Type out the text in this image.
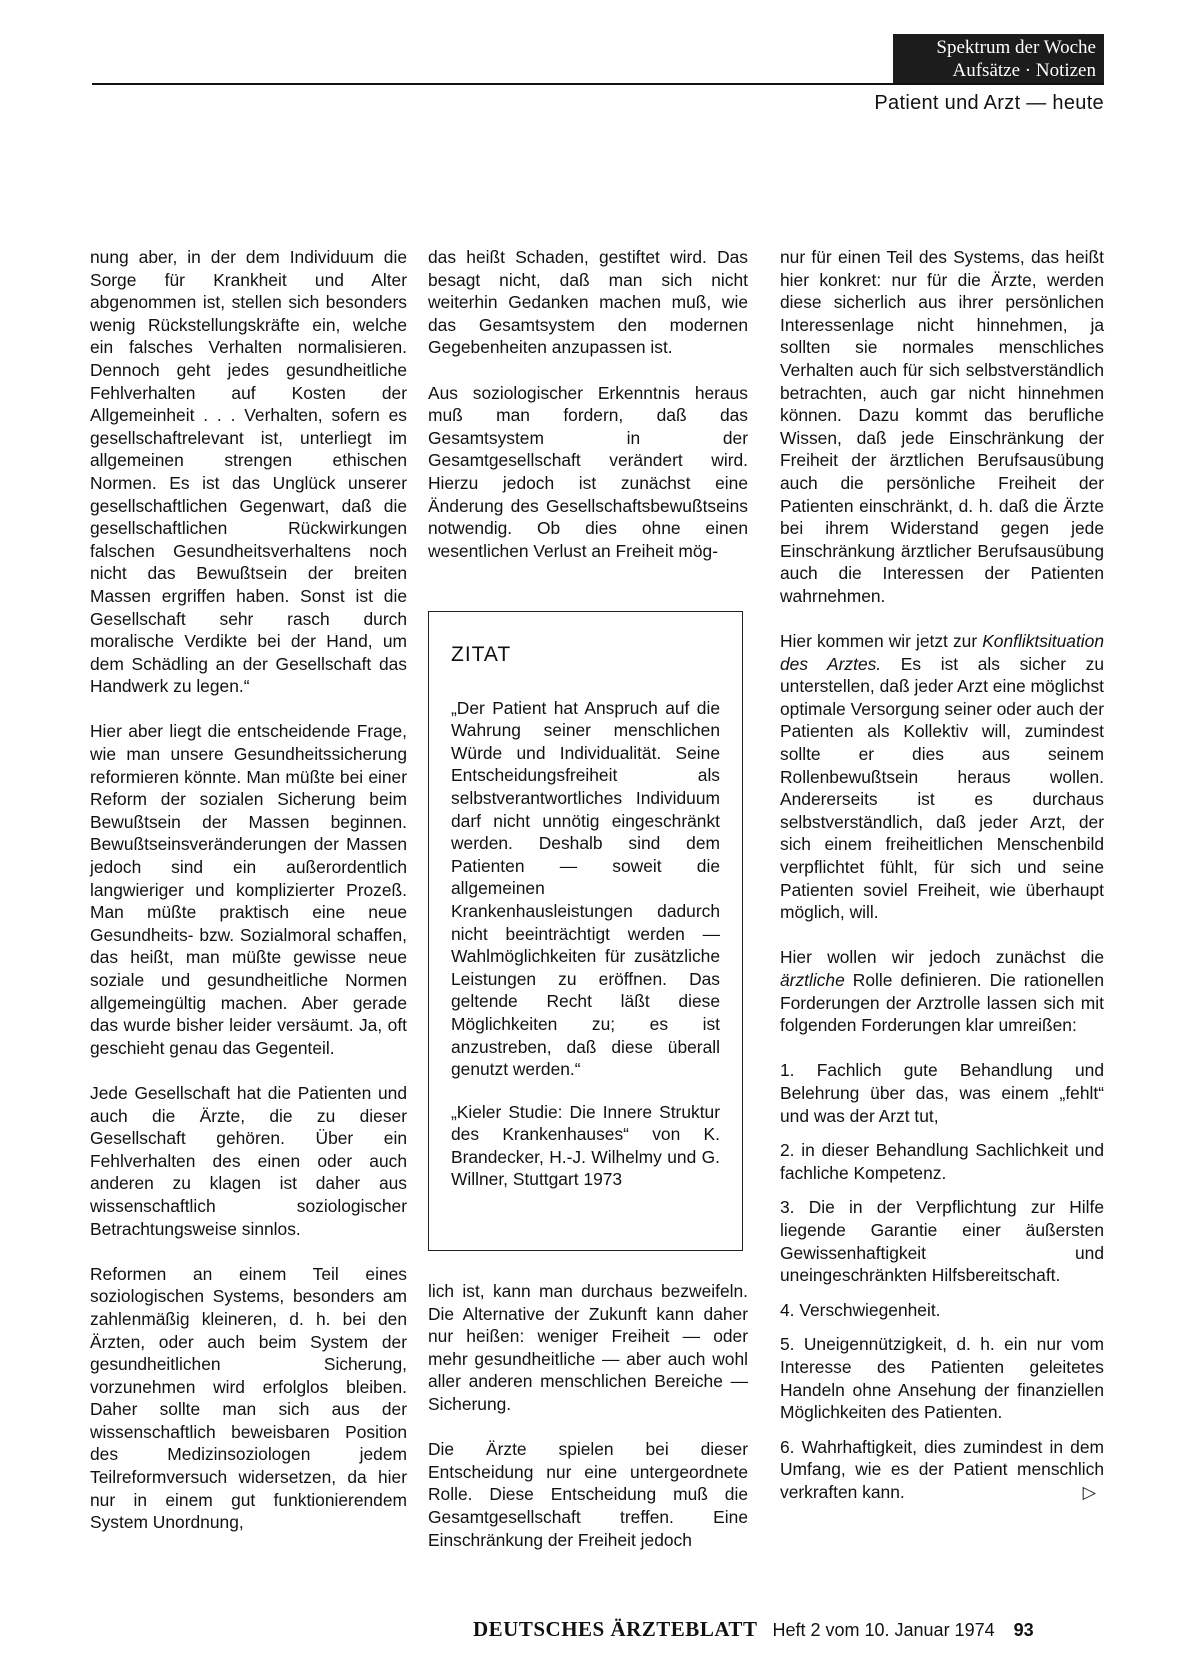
Spektrum der Woche
Aufsätze · Notizen
Patient und Arzt — heute

nung aber, in der dem Individuum die Sorge für Krankheit und Alter abgenommen ist, stellen sich besonders wenig Rückstellungskräfte ein, welche ein falsches Verhalten normalisieren. Dennoch geht jedes gesundheitliche Fehlverhalten auf Kosten der Allgemeinheit . . . Verhalten, sofern es gesellschaftrelevant ist, unterliegt im allgemeinen strengen ethischen Normen. Es ist das Unglück unserer gesellschaftlichen Gegenwart, daß die gesellschaftlichen Rückwirkungen falschen Gesundheitsverhaltens noch nicht das Bewußtsein der breiten Massen ergriffen haben. Sonst ist die Gesellschaft sehr rasch durch moralische Verdikte bei der Hand, um dem Schädling an der Gesellschaft das Handwerk zu legen.“

Hier aber liegt die entscheidende Frage, wie man unsere Gesundheitssicherung reformieren könnte. Man müßte bei einer Reform der sozialen Sicherung beim Bewußtsein der Massen beginnen. Bewußtseinsveränderungen der Massen jedoch sind ein außerordentlich langwieriger und komplizierter Prozeß. Man müßte praktisch eine neue Gesundheits- bzw. Sozialmoral schaffen, das heißt, man müßte gewisse neue soziale und gesundheitliche Normen allgemeingültig machen. Aber gerade das wurde bisher leider versäumt. Ja, oft geschieht genau das Gegenteil.

Jede Gesellschaft hat die Patienten und auch die Ärzte, die zu dieser Gesellschaft gehören. Über ein Fehlverhalten des einen oder auch anderen zu klagen ist daher aus wissenschaftlich soziologischer Betrachtungsweise sinnlos.

Reformen an einem Teil eines soziologischen Systems, besonders am zahlenmäßig kleineren, d. h. bei den Ärzten, oder auch beim System der gesundheitlichen Sicherung, vorzunehmen wird erfolglos bleiben. Daher sollte man sich aus der wissenschaftlich beweisbaren Position des Medizinsoziologen jedem Teilreformversuch widersetzen, da hier nur in einem gut funktionierendem System Unordnung,

das heißt Schaden, gestiftet wird. Das besagt nicht, daß man sich nicht weiterhin Gedanken machen muß, wie das Gesamtsystem den modernen Gegebenheiten anzupassen ist.

Aus soziologischer Erkenntnis heraus muß man fordern, daß das Gesamtsystem in der Gesamtgesellschaft verändert wird. Hierzu jedoch ist zunächst eine Änderung des Gesellschaftsbewußtseins notwendig. Ob dies ohne einen wesentlichen Verlust an Freiheit mög-

ZITAT

„Der Patient hat Anspruch auf die Wahrung seiner menschlichen Würde und Individualität. Seine Entscheidungsfreiheit als selbstverantwortliches Individuum darf nicht unnötig eingeschränkt werden. Deshalb sind dem Patienten — soweit die allgemeinen Krankenhausleistungen dadurch nicht beeinträchtigt werden — Wahlmöglichkeiten für zusätzliche Leistungen zu eröffnen. Das geltende Recht läßt diese Möglichkeiten zu; es ist anzustreben, daß diese überall genutzt werden.“

„Kieler Studie: Die Innere Struktur des Krankenhauses“ von K. Brandecker, H.-J. Wilhelmy und G. Willner, Stuttgart 1973

lich ist, kann man durchaus bezweifeln. Die Alternative der Zukunft kann daher nur heißen: weniger Freiheit — oder mehr gesundheitliche — aber auch wohl aller anderen menschlichen Bereiche — Sicherung.

Die Ärzte spielen bei dieser Entscheidung nur eine untergeordnete Rolle. Diese Entscheidung muß die Gesamtgesellschaft treffen. Eine Einschränkung der Freiheit jedoch

nur für einen Teil des Systems, das heißt hier konkret: nur für die Ärzte, werden diese sicherlich aus ihrer persönlichen Interessenlage nicht hinnehmen, ja sollten sie normales menschliches Verhalten auch für sich selbstverständlich betrachten, auch gar nicht hinnehmen können. Dazu kommt das berufliche Wissen, daß jede Einschränkung der Freiheit der ärztlichen Berufsausübung auch die persönliche Freiheit der Patienten einschränkt, d. h. daß die Ärzte bei ihrem Widerstand gegen jede Einschränkung ärztlicher Berufsausübung auch die Interessen der Patienten wahrnehmen.

Hier kommen wir jetzt zur Konfliktsituation des Arztes. Es ist als sicher zu unterstellen, daß jeder Arzt eine möglichst optimale Versorgung seiner oder auch der Patienten als Kollektiv will, zumindest sollte er dies aus seinem Rollenbewußtsein heraus wollen. Andererseits ist es durchaus selbstverständlich, daß jeder Arzt, der sich einem freiheitlichen Menschenbild verpflichtet fühlt, für sich und seine Patienten soviel Freiheit, wie überhaupt möglich, will.

Hier wollen wir jedoch zunächst die ärztliche Rolle definieren. Die rationellen Forderungen der Arztrolle lassen sich mit folgenden Forderungen klar umreißen:

1. Fachlich gute Behandlung und Belehrung über das, was einem „fehlt“ und was der Arzt tut,

2. in dieser Behandlung Sachlichkeit und fachliche Kompetenz.

3. Die in der Verpflichtung zur Hilfe liegende Garantie einer äußersten Gewissenhaftigkeit und uneingeschränkten Hilfsbereitschaft.

4. Verschwiegenheit.

5. Uneigennützigkeit, d. h. ein nur vom Interesse des Patienten geleitetes Handeln ohne Ansehung der finanziellen Möglichkeiten des Patienten.

6. Wahrhaftigkeit, dies zumindest in dem Umfang, wie es der Patient menschlich verkraften kann.	▷

DEUTSCHES ÄRZTEBLATT Heft 2 vom 10. Januar 1974 93
